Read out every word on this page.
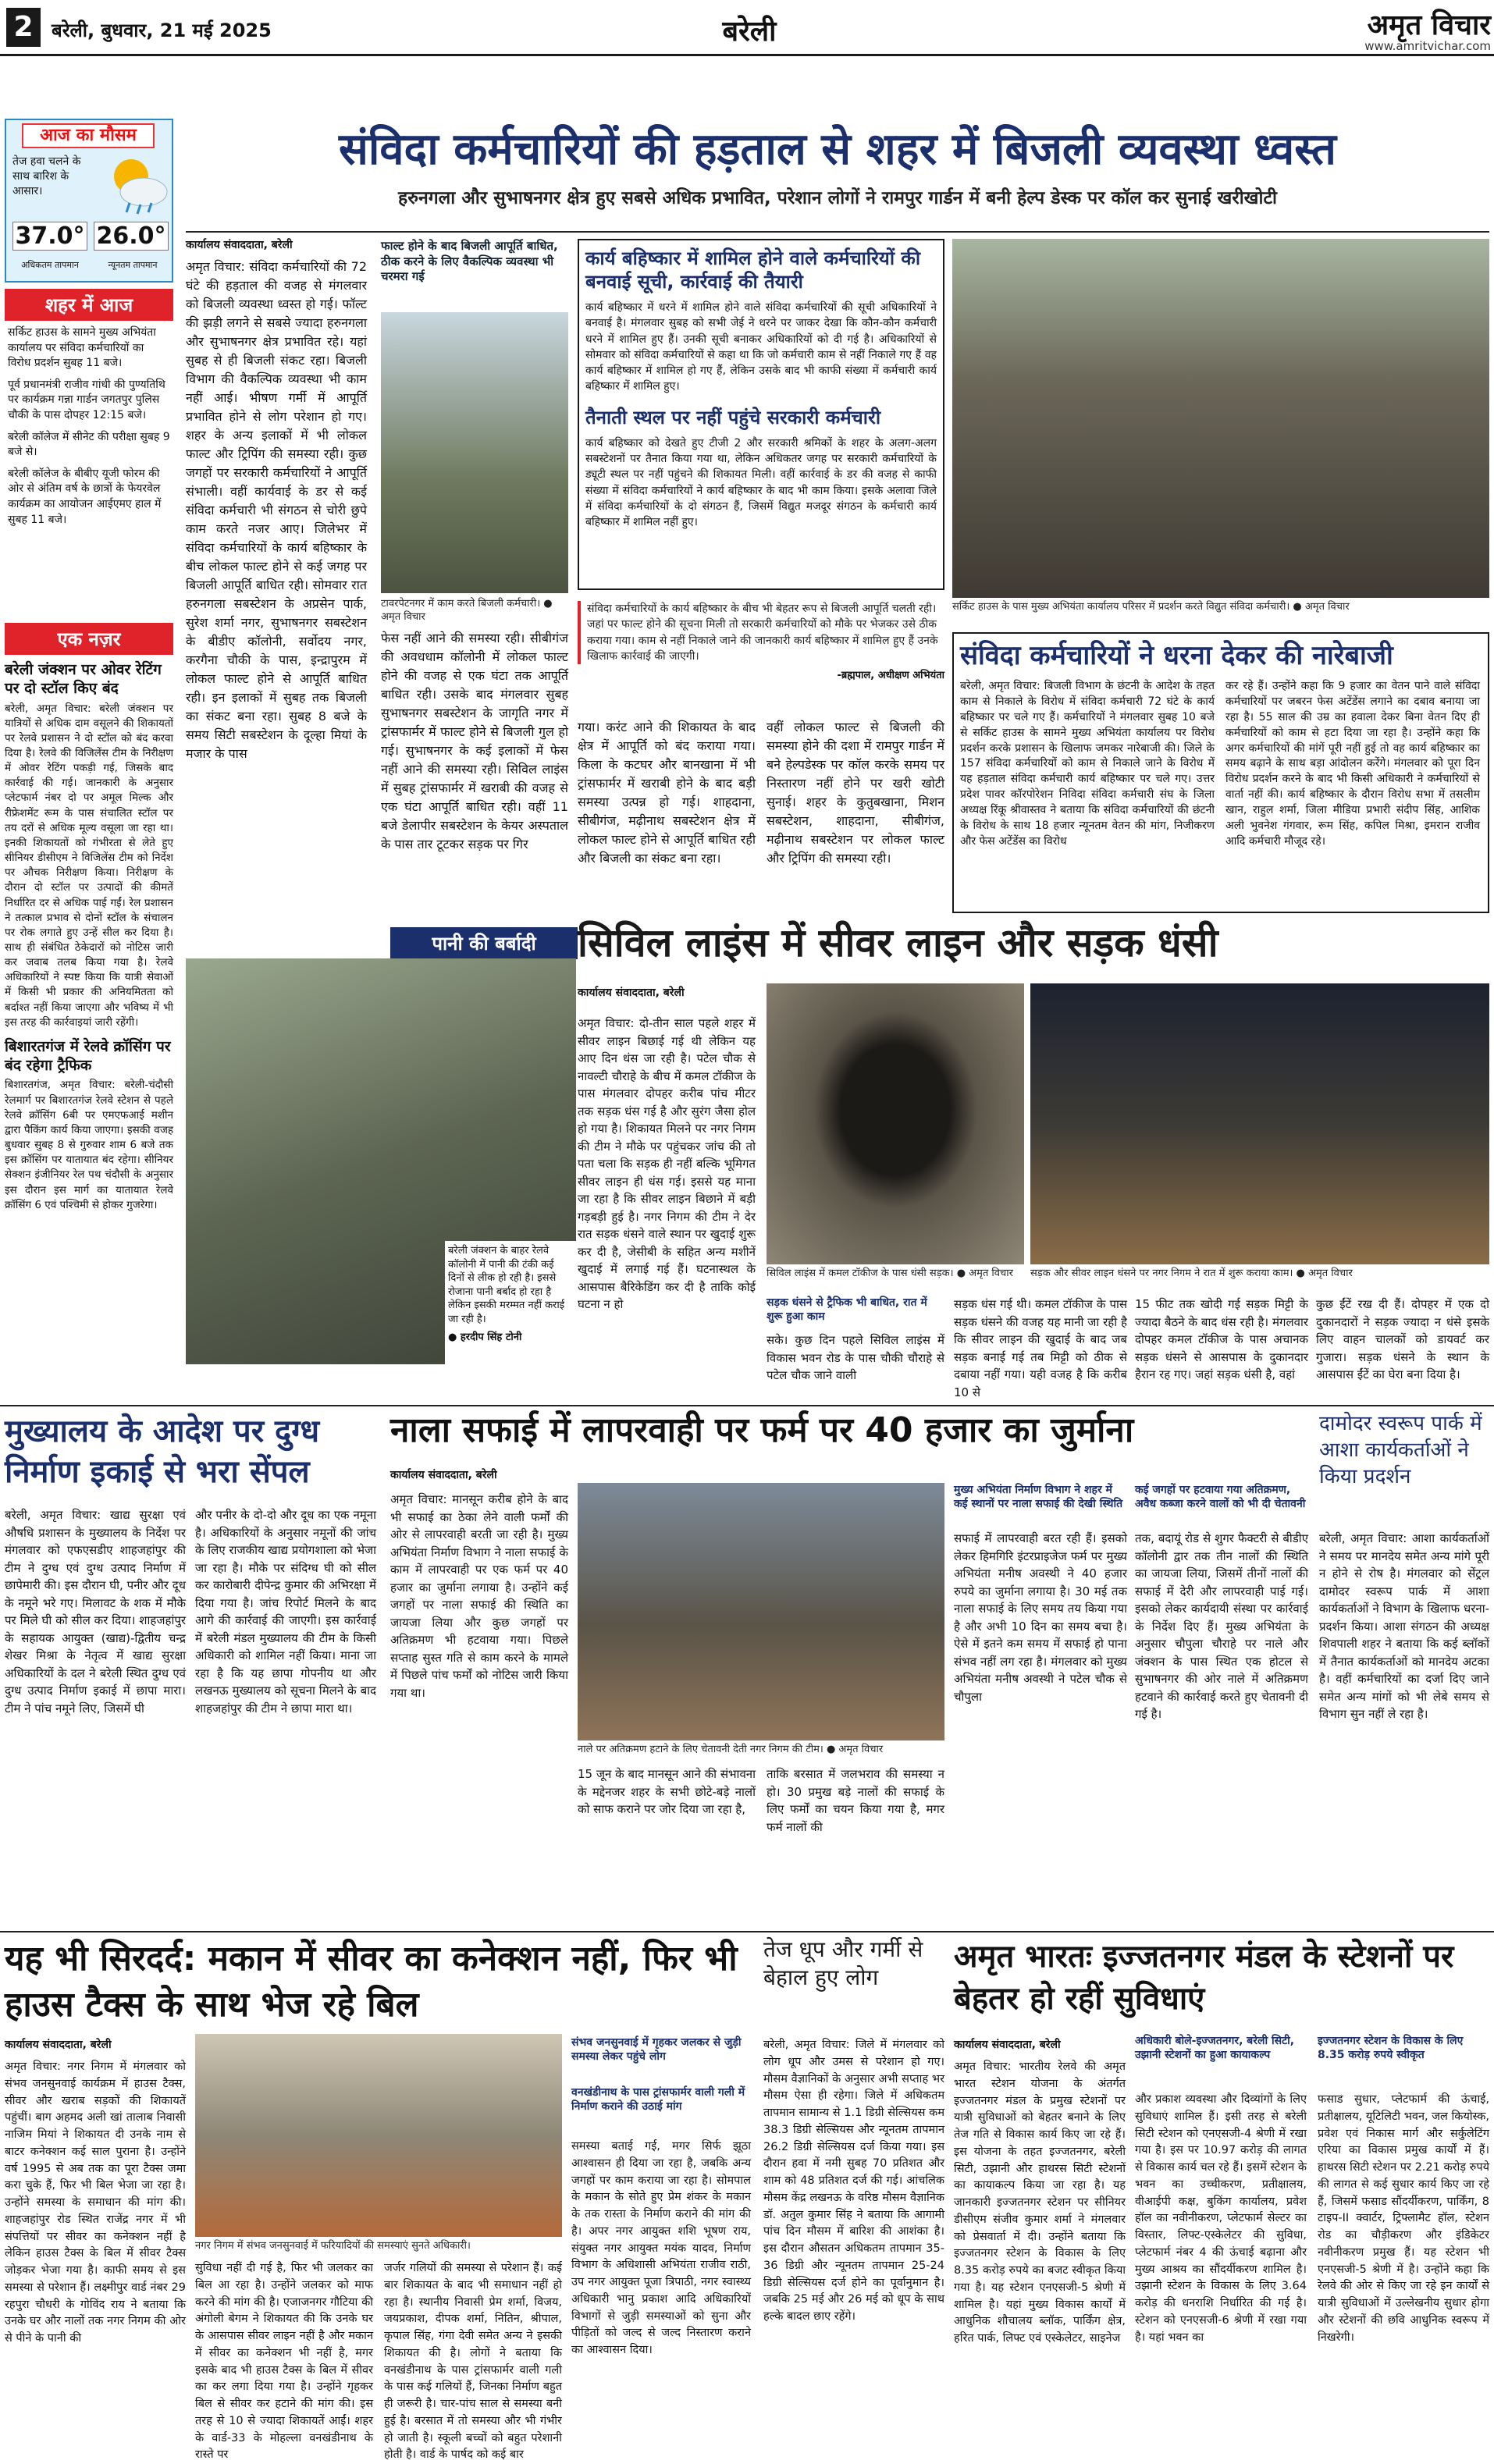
2 बरेली, बुधवार, 21 मई 2025	बरेली	अमृत विचार
www.amritvichar.com
आज का मौसम
तेज हवा चलने के साथ बारिश के आसार।
37.0° 26.0°
अधिकतम तापमान	न्यूनतम तापमान
शहर में आज
सर्किट हाउस के सामने मुख्य अभियंता कार्यालय पर संविदा कर्मचारियों का विरोध प्रदर्शन सुबह 11 बजे।
पूर्व प्रधानमंत्री राजीव गांधी की पुण्यतिथि पर कार्यक्रम गन्ना गार्डन जगतपुर पुलिस चौकी के पास दोपहर 12:15 बजे।
बरेली कॉलेज में सीनेट की परीक्षा सुबह 9 बजे से।
बरेली कॉलेज के बीबीए यूजी फोरम की ओर से अंतिम वर्ष के छात्रों के फेयरवेल कार्यक्रम का आयोजन आईएमए हाल में सुबह 11 बजे।
एक नज़र
बरेली जंक्शन पर ओवर रेटिंग पर दो स्टॉल किए बंद
बरेली, अमृत विचार: बरेली जंक्शन पर यात्रियों से अधिक दाम वसूलने की शिकायतों पर रेलवे प्रशासन ने दो स्टॉल को बंद करवा दिया है। रेलवे की विजिलेंस टीम के निरीक्षण में ओवर रेटिंग पकड़ी गई, जिसके बाद कार्रवाई की गई। जानकारी के अनुसार प्लेटफार्म नंबर दो पर अमूल मिल्क और रीफ्रेशमेंट रूम के पास संचालित स्टॉल पर तय दरों से अधिक मूल्य वसूला जा रहा था। इनकी शिकायतों को गंभीरता से लेते हुए सीनियर डीसीएम ने विजिलेंस टीम को निर्देश पर औचक निरीक्षण किया। निरीक्षण के दौरान दो स्टॉल पर उत्पादों की कीमतें निर्धारित दर से अधिक पाई गईं। रेल प्रशासन ने तत्काल प्रभाव से दोनों स्टॉल के संचालन पर रोक लगाते हुए उन्हें सील कर दिया है। साथ ही संबंधित ठेकेदारों को नोटिस जारी कर जवाब तलब किया गया है। रेलवे अधिकारियों ने स्पष्ट किया कि यात्री सेवाओं में किसी भी प्रकार की अनियमितता को बर्दाश्त नहीं किया जाएगा और भविष्य में भी इस तरह की कार्रवाइयां जारी रहेंगी।
बिशारतगंज में रेलवे क्रॉसिंग पर बंद रहेगा ट्रैफिक
बिशारतगंज, अमृत विचार: बरेली-चंदौसी रेलमार्ग पर बिशारतगंज रेलवे स्टेशन से पहले रेलवे क्रॉसिंग 6बी पर एमएफआई मशीन द्वारा पैकिंग कार्य किया जाएगा। इसकी वजह बुधवार सुबह 8 से गुरुवार शाम 6 बजे तक इस क्रॉसिंग पर यातायात बंद रहेगा। सीनियर सेक्शन इंजीनियर रेल पथ चंदौसी के अनुसार इस दौरान इस मार्ग का यातायात रेलवे क्रॉसिंग 6 एवं पश्चिमी से होकर गुजरेगा।
संविदा कर्मचारियों की हड़ताल से शहर में बिजली व्यवस्था ध्वस्त
हरुनगला और सुभाषनगर क्षेत्र हुए सबसे अधिक प्रभावित, परेशान लोगों ने रामपुर गार्डन में बनी हेल्प डेस्क पर कॉल कर सुनाई खरीखोटी
कार्यालय संवाददाता, बरेली
अमृत विचार: संविदा कर्मचारियों की 72 घंटे की हड़ताल की वजह से मंगलवार को बिजली व्यवस्था ध्वस्त हो गई। फॉल्ट की झड़ी लगने से सबसे ज्यादा हरुनगला और सुभाषनगर क्षेत्र प्रभावित रहे। यहां सुबह से ही बिजली संकट रहा। बिजली विभाग की वैकल्पिक व्यवस्था भी काम नहीं आई। भीषण गर्मी में आपूर्ति प्रभावित होने से लोग परेशान हो गए। शहर के अन्य इलाकों में भी लोकल फाल्ट और ट्रिपिंग की समस्या रही। कुछ जगहों पर सरकारी कर्मचारियों ने आपूर्ति संभाली। वहीं कार्यवाई के डर से कई संविदा कर्मचारी भी संगठन से चोरी छुपे काम करते नजर आए। जिलेभर में संविदा कर्मचारियों के कार्य बहिष्कार के बीच लोकल फाल्ट होने से कई जगह पर बिजली आपूर्ति बाधित रही। सोमवार रात हरुनगला सबस्टेशन के अप्रसेन पार्क, सुरेश शर्मा नगर, सुभाषनगर सबस्टेशन के बीडीए कॉलोनी, सर्वोदय नगर, करगैना चौकी के पास, इन्द्रापुरम में लोकल फाल्ट होने से आपूर्ति बाधित रही। इन इलाकों में सुबह तक बिजली का संकट बना रहा। सुबह 8 बजे के समय सिटी सबस्टेशन के दूल्हा मियां के मजार के पास
फाल्ट होने के बाद बिजली आपूर्ति बाधित, ठीक करने के लिए वैकल्पिक व्यवस्था भी चरमरा गई
टावरपेटनगर में काम करते बिजली कर्मचारी। ● अमृत विचार
फेस नहीं आने की समस्या रही। सीबीगंज की अवधधाम कॉलोनी में लोकल फाल्ट होने की वजह से एक घंटा तक आपूर्ति बाधित रही। उसके बाद मंगलवार सुबह सुभाषनगर सबस्टेशन के जागृति नगर में ट्रांसफार्मर में फाल्ट होने से बिजली गुल हो गई। सुभाषनगर के कई इलाकों में फेस नहीं आने की समस्या रही। सिविल लाइंस में सुबह ट्रांसफार्मर में खराबी की वजह से एक घंटा आपूर्ति बाधित रही। वहीं 11 बजे डेलापीर सबस्टेशन के केयर अस्पताल के पास तार टूटकर सड़क पर गिर
कार्य बहिष्कार में शामिल होने वाले कर्मचारियों की बनवाई सूची, कार्रवाई की तैयारी
कार्य बहिष्कार में धरने में शामिल होने वाले संविदा कर्मचारियों की सूची अधिकारियों ने बनवाई है। मंगलवार सुबह को सभी जेई ने धरने पर जाकर देखा कि कौन-कौन कर्मचारी धरने में शामिल हुए हैं। उनकी सूची बनाकर अधिकारियों को दी गई है। अधिकारियों से सोमवार को संविदा कर्मचारियों से कहा था कि जो कर्मचारी काम से नहीं निकाले गए हैं वह कार्य बहिष्कार में शामिल हो गए हैं, लेकिन उसके बाद भी काफी संख्या में कर्मचारी कार्य बहिष्कार में शामिल हुए।
तैनाती स्थल पर नहीं पहुंचे सरकारी कर्मचारी
कार्य बहिष्कार को देखते हुए टीजी 2 और सरकारी श्रमिकों के शहर के अलग-अलग सबस्टेशनों पर तैनात किया गया था, लेकिन अधिकतर जगह पर सरकारी कर्मचारियों के ड्यूटी स्थल पर नहीं पहुंचने की शिकायत मिली। वहीं कार्रवाई के डर की वजह से काफी संख्या में संविदा कर्मचारियों ने कार्य बहिष्कार के बाद भी काम किया। इसके अलावा जिले में संविदा कर्मचारियों के दो संगठन हैं, जिसमें विद्युत मजदूर संगठन के कर्मचारी कार्य बहिष्कार में शामिल नहीं हुए।
सर्किट हाउस के पास मुख्य अभियंता कार्यालय परिसर में प्रदर्शन करते विद्युत संविदा कर्मचारी। ● अमृत विचार
संविदा कर्मचारियों के कार्य बहिष्कार के बीच भी बेहतर रूप से बिजली आपूर्ति चलती रही। जहां पर फाल्ट होने की सूचना मिली तो सरकारी कर्मचारियों को मौके पर भेजकर उसे ठीक कराया गया। काम से नहीं निकाले जाने की जानकारी कार्य बहिष्कार में शामिल हुए हैं उनके खिलाफ कार्रवाई की जाएगी।
-ब्रह्मपाल, अधीक्षण अभियंता
गया। करंट आने की शिकायत के बाद क्षेत्र में आपूर्ति को बंद कराया गया। किला के कटघर और बानखाना में भी ट्रांसफार्मर में खराबी होने के बाद बड़ी समस्या उत्पन्न हो गई। शाहदाना, सीबीगंज, मढ़ीनाथ सबस्टेशन क्षेत्र में लोकल फाल्ट होने से आपूर्ति बाधित रही और बिजली का संकट बना रहा।
वहीं लोकल फाल्ट से बिजली की समस्या होने की दशा में रामपुर गार्डन में बने हेल्पडेस्क पर कॉल करके समय पर निस्तारण नहीं होने पर खरी खोटी सुनाई। शहर के कुतुबखाना, मिशन सबस्टेशन, शाहदाना, सीबीगंज, मढ़ीनाथ सबस्टेशन पर लोकल फाल्ट और ट्रिपिंग की समस्या रही।
संविदा कर्मचारियों ने धरना देकर की नारेबाजी
बरेली, अमृत विचार: बिजली विभाग के छंटनी के आदेश के तहत काम से निकाले के विरोध में संविदा कर्मचारी 72 घंटे के कार्य बहिष्कार पर चले गए हैं। कर्मचारियों ने मंगलवार सुबह 10 बजे से सर्किट हाउस के सामने मुख्य अभियंता कार्यालय पर विरोध प्रदर्शन करके प्रशासन के खिलाफ जमकर नारेबाजी की। जिले के 157 संविदा कर्मचारियों को काम से निकाले जाने के विरोध में यह हड़ताल संविदा कर्मचारी कार्य बहिष्कार पर चले गए। उत्तर प्रदेश पावर कॉरपोरेशन निविदा संविदा कर्मचारी संघ के जिला अध्यक्ष रिंकू श्रीवास्तव ने बताया कि संविदा कर्मचारियों की छंटनी के विरोध के साथ 18 हजार न्यूनतम वेतन की मांग, निजीकरण और फेस अटेंडेंस का विरोध
कर रहे हैं। उन्होंने कहा कि 9 हजार का वेतन पाने वाले संविदा कर्मचारियों पर जबरन फेस अटेंडेंस लगाने का दबाव बनाया जा रहा है। 55 साल की उम्र का हवाला देकर बिना वेतन दिए ही कर्मचारियों को काम से हटा दिया जा रहा है। उन्होंने कहा कि अगर कर्मचारियों की मांगें पूरी नहीं हुई तो वह कार्य बहिष्कार का समय बढ़ाने के साथ बड़ा आंदोलन करेंगे। मंगलवार को पूरा दिन विरोध प्रदर्शन करने के बाद भी किसी अधिकारी ने कर्मचारियों से वार्ता नहीं की। कार्य बहिष्कार के दौरान विरोध सभा में तसलीम खान, राहुल शर्मा, जिला मीडिया प्रभारी संदीप सिंह, आशिक अली भुवनेश गंगवार, रूम सिंह, कपिल मिश्रा, इमरान राजीव आदि कर्मचारी मौजूद रहे।
पानी की बर्बादी
बरेली जंक्शन के बाहर रेलवे कॉलोनी में पानी की टंकी कई दिनों से लीक हो रही है। इससे रोजाना पानी बर्बाद हो रहा है लेकिन इसकी मरम्मत नहीं कराई जा रही है।
● हरदीप सिंह टोनी
सिविल लाइंस में सीवर लाइन और सड़क धंसी
कार्यालय संवाददाता, बरेली
अमृत विचार: दो-तीन साल पहले शहर में सीवर लाइन बिछाई गई थी लेकिन यह आए दिन धंस जा रही है। पटेल चौक से नावल्टी चौराहे के बीच में कमल टॉकीज के पास मंगलवार दोपहर करीब पांच मीटर तक सड़क धंस गई है और सुरंग जैसा होल हो गया है। शिकायत मिलने पर नगर निगम की टीम ने मौके पर पहुंचकर जांच की तो पता चला कि सड़क ही नहीं बल्कि भूमिगत सीवर लाइन ही धंस गई। इससे यह माना जा रहा है कि सीवर लाइन बिछाने में बड़ी गड़बड़ी हुई है। नगर निगम की टीम ने देर रात सड़क धंसने वाले स्थान पर खुदाई शुरू कर दी है, जेसीबी के सहित अन्य मशीनें खुदाई में लगाई गई हैं। घटनास्थल के आसपास बैरिकेडिंग कर दी है ताकि कोई घटना न हो
सिविल लाइंस में कमल टॉकीज के पास धंसी सड़क। ● अमृत विचार	सड़क और सीवर लाइन धंसने पर नगर निगम ने रात में शुरू कराया काम। ● अमृत विचार
सड़क धंसने से ट्रैफिक भी बाधित, रात में शुरू हुआ काम
सके। कुछ दिन पहले सिविल लाइंस में विकास भवन रोड के पास चौकी चौराहे से पटेल चौक जाने वाली
सड़क धंस गई थी। कमल टॉकीज के पास सड़क धंसने की वजह यह मानी जा रही है कि सीवर लाइन की खुदाई के बाद जब सड़क बनाई गई तब मिट्टी को ठीक से दबाया नहीं गया। यही वजह है कि करीब 10 से
15 फीट तक खोदी गई सड़क मिट्टी के ज्यादा बैठने के बाद धंस रही है। मंगलवार दोपहर कमल टॉकीज के पास अचानक सड़क धंसने से आसपास के दुकानदार हैरान रह गए। जहां सड़क धंसी है, वहां
कुछ ईंटें रख दी हैं। दोपहर में एक दो दुकानदारों ने सड़क ज्यादा न धंसे इसके लिए वाहन चालकों को डायवर्ट कर गुजारा। सड़क धंसने के स्थान के आसपास ईंटें का घेरा बना दिया है।
मुख्यालय के आदेश पर दुग्ध निर्माण इकाई से भरा सेंपल
बरेली, अमृत विचार: खाद्य सुरक्षा एवं औषधि प्रशासन के मुख्यालय के निर्देश पर मंगलवार को एफएसडीए शाहजहांपुर की टीम ने दुग्ध एवं दुग्ध उत्पाद निर्माण में छापेमारी की। इस दौरान घी, पनीर और दूध के नमूने भरे गए। मिलावट के शक में मौके पर मिले घी को सील कर दिया। शाहजहांपुर के सहायक आयुक्त (खाद्य)-द्वितीय चन्द्र शेखर मिश्रा के नेतृत्व में खाद्य सुरक्षा अधिकारियों के दल ने बरेली स्थित दुग्ध एवं दुग्ध उत्पाद निर्माण इकाई में छापा मारा। टीम ने पांच नमूने लिए, जिसमें घी
और पनीर के दो-दो और दूध का एक नमूना है। अधिकारियों के अनुसार नमूनों की जांच के लिए राजकीय खाद्य प्रयोगशाला को भेजा जा रहा है। मौके पर संदिग्ध घी को सील कर कारोबारी दीपेन्द्र कुमार की अभिरक्षा में दिया गया है। जांच रिपोर्ट मिलने के बाद आगे की कार्रवाई की जाएगी। इस कार्रवाई में बरेली मंडल मुख्यालय की टीम के किसी अधिकारी को शामिल नहीं किया। माना जा रहा है कि यह छापा गोपनीय था और लखनऊ मुख्यालय को सूचना मिलने के बाद शाहजहांपुर की टीम ने छापा मारा था।
नाला सफाई में लापरवाही पर फर्म पर 40 हजार का जुर्माना
कार्यालय संवाददाता, बरेली
अमृत विचार: मानसून करीब होने के बाद भी सफाई का ठेका लेने वाली फर्मों की ओर से लापरवाही बरती जा रही है। मुख्य अभियंता निर्माण विभाग ने नाला सफाई के काम में लापरवाही पर एक फर्म पर 40 हजार का जुर्माना लगाया है। उन्होंने कई जगहों पर नाला सफाई की स्थिति का जायजा लिया और कुछ जगहों पर अतिक्रमण भी हटवाया गया। पिछले सप्ताह सुस्त गति से काम करने के मामले में पिछले पांच फर्मों को नोटिस जारी किया गया था।
नाले पर अतिक्रमण हटाने के लिए चेतावनी देती नगर निगम की टीम। ● अमृत विचार
15 जून के बाद मानसून आने की संभावना के मद्देनजर शहर के सभी छोटे-बड़े नालों को साफ कराने पर जोर दिया जा रहा है,
ताकि बरसात में जलभराव की समस्या न हो। 30 प्रमुख बड़े नालों की सफाई के लिए फर्मों का चयन किया गया है, मगर फर्म नालों की
मुख्य अभियंता निर्माण विभाग ने शहर में कई स्थानों पर नाला सफाई की देखी स्थिति
कई जगहों पर हटवाया गया अतिक्रमण, अवैध कब्जा करने वालों को भी दी चेतावनी
सफाई में लापरवाही बरत रही हैं। इसको लेकर हिमगिरि इंटरप्राइजेज फर्म पर मुख्य अभियंता मनीष अवस्थी ने 40 हजार रुपये का जुर्माना लगाया है। 30 मई तक नाला सफाई के लिए समय तय किया गया है और अभी 10 दिन का समय बचा है। ऐसे में इतने कम समय में सफाई हो पाना संभव नहीं लग रहा है। मंगलवार को मुख्य अभियंता मनीष अवस्थी ने पटेल चौक से चौपुला
तक, बदायूं रोड से शुगर फैक्टरी से बीडीए कॉलोनी द्वार तक तीन नालों की स्थिति का जायजा लिया, जिसमें तीनों नालों की सफाई में देरी और लापरवाही पाई गई। इसको लेकर कार्यदायी संस्था पर कार्रवाई के निर्देश दिए हैं। मुख्य अभियंता के अनुसार चौपुला चौराहे पर नाले और जंक्शन के पास स्थित एक होटल से सुभाषनगर की ओर नाले में अतिक्रमण हटवाने की कार्रवाई करते हुए चेतावनी दी गई है।
दामोदर स्वरूप पार्क में आशा कार्यकर्ताओं ने किया प्रदर्शन
बरेली, अमृत विचार: आशा कार्यकर्ताओं ने समय पर मानदेय समेत अन्य मांगे पूरी न होने से रोष है। मंगलवार को सेंट्रल दामोदर स्वरूप पार्क में आशा कार्यकर्ताओं ने विभाग के खिलाफ धरना-प्रदर्शन किया। आशा संगठन की अध्यक्ष शिवपाली शहर ने बताया कि कई ब्लॉकों में तैनात कार्यकर्ताओं को मानदेय अटका है। वहीं कर्मचारियों का दर्जा दिए जाने समेत अन्य मांगों को भी लेबे समय से विभाग सुन नहीं ले रहा है।
यह भी सिरदर्द: मकान में सीवर का कनेक्शन नहीं, फिर भी हाउस टैक्स के साथ भेज रहे बिल
कार्यालय संवाददाता, बरेली
अमृत विचार: नगर निगम में मंगलवार को संभव जनसुनवाई कार्यक्रम में हाउस टैक्स, सीवर और खराब सड़कों की शिकायतें पहुंचीं। बाग अहमद अली खां तालाब निवासी नाजिम मियां ने शिकायत दी उनके नाम से बाटर कनेक्शन कई साल पुराना है। उन्होंने वर्ष 1995 से अब तक का पूरा टैक्स जमा करा चुके हैं, फिर भी बिल भेजा जा रहा है। उन्होंने समस्या के समाधान की मांग की। शाहजहांपुर रोड स्थित राजेंद्र नगर में भी संपत्तियों पर सीवर का कनेक्शन नहीं है लेकिन हाउस टैक्स के बिल में सीवर टैक्स जोड़कर भेजा गया है। काफी समय से इस समस्या से परेशान हैं। लक्ष्मीपुर वार्ड नंबर 29 रहपुरा चौधरी के गोविंद राय ने बताया कि उनके घर और नालों तक नगर निगम की ओर से पीने के पानी की
नगर निगम में संभव जनसुनवाई में फरियादियों की समस्याएं सुनते अधिकारी।
सुविधा नहीं दी गई है, फिर भी जलकर का बिल आ रहा है। उन्होंने जलकर को माफ करने की मांग की है। एजाजनगर गौटिया की अंगोली बेगम ने शिकायत की कि उनके घर के आसपास सीवर लाइन नहीं है और मकान में सीवर का कनेक्शन भी नहीं है, मगर इसके बाद भी हाउस टैक्स के बिल में सीवर का कर लगा दिया गया है। उन्होंने गृहकर बिल से सीवर कर हटाने की मांग की। इस तरह से 10 से ज्यादा शिकायतें आईं। शहर के वार्ड-33 के मोहल्ला वनखंडीनाथ के रास्ते पर
जर्जर गलियों की समस्या से परेशान हैं। कई बार शिकायत के बाद भी समाधान नहीं हो रहा है। स्थानीय निवासी प्रेम शर्मा, विजय, जयप्रकाश, दीपक शर्मा, नितिन, श्रीपाल, कृपाल सिंह, गंगा देवी समेत अन्य ने इसकी शिकायत की है। लोगों ने बताया कि वनखंडीनाथ के पास ट्रांसफार्मर वाली गली के पास कई गलियों हैं, जिनका निर्माण बहुत ही जरूरी है। चार-पांच साल से समस्या बनी हुई है। बरसात में तो समस्या और भी गंभीर हो जाती है। स्कूली बच्चों को बहुत परेशानी होती है। वार्ड के पार्षद को कई बार
संभव जनसुनवाई में गृहकर जलकर से जुड़ी समस्या लेकर पहुंचे लोग
वनखंडीनाथ के पास ट्रांसफार्मर वाली गली में निर्माण कराने की उठाई मांग
समस्या बताई गई, मगर सिर्फ झूठा आश्वासन ही दिया जा रहा है, जबकि अन्य जगहों पर काम कराया जा रहा है। सोमपाल के मकान के सोते हुए प्रेम शंकर के मकान के तक रास्ता के निर्माण कराने की मांग की है। अपर नगर आयुक्त शशि भूषण राय, संयुक्त नगर आयुक्त मयंक यादव, निर्माण विभाग के अधिशासी अभियंता राजीव राठी, उप नगर आयुक्त पूजा त्रिपाठी, नगर स्वास्थ्य अधिकारी भानु प्रकाश आदि अधिकारियों विभागों से जुड़ी समस्याओं को सुना और पीड़ितों को जल्द से जल्द निस्तारण कराने का आश्वासन दिया।
तेज धूप और गर्मी से बेहाल हुए लोग
बरेली, अमृत विचार: जिले में मंगलवार को लोग धूप और उमस से परेशान हो गए। मौसम वैज्ञानिकों के अनुसार अभी सप्ताह भर मौसम ऐसा ही रहेगा। जिले में अधिकतम तापमान सामान्य से 1.1 डिग्री सेल्सियस कम 38.3 डिग्री सेल्सियस और न्यूनतम तापमान 26.2 डिग्री सेल्सियस दर्ज किया गया। इस दौरान हवा में नमी सुबह 70 प्रतिशत और शाम को 48 प्रतिशत दर्ज की गई। आंचलिक मौसम केंद्र लखनऊ के वरिष्ठ मौसम वैज्ञानिक डॉ. अतुल कुमार सिंह ने बताया कि आगामी पांच दिन मौसम में बारिश की आशंका है। इस दौरान औसतन अधिकतम तापमान 35-36 डिग्री और न्यूनतम तापमान 25-24 डिग्री सेल्सियस दर्ज होने का पूर्वानुमान है। जबकि 25 मई और 26 मई को धूप के साथ हल्के बादल छाए रहेंगे।
अमृत भारतः इज्जतनगर मंडल के स्टेशनों पर बेहतर हो रहीं सुविधाएं
कार्यालय संवाददाता, बरेली
अमृत विचार: भारतीय रेलवे की अमृत भारत स्टेशन योजना के अंतर्गत इज्जतनगर मंडल के प्रमुख स्टेशनों पर यात्री सुविधाओं को बेहतर बनाने के लिए तेज गति से विकास कार्य किए जा रहे हैं। इस योजना के तहत इज्जतनगर, बरेली सिटी, उझानी और हाथरस सिटी स्टेशनों का कायाकल्प किया जा रहा है। यह जानकारी इज्जतनगर स्टेशन पर सीनियर डीसीएम संजीव कुमार शर्मा ने मंगलवार को प्रेसवार्ता में दी। उन्होंने बताया कि इज्जतनगर स्टेशन के विकास के लिए 8.35 करोड़ रुपये का बजट स्वीकृत किया गया है। यह स्टेशन एनएसजी-5 श्रेणी में शामिल है। यहां मुख्य विकास कार्यों में आधुनिक शौचालय ब्लॉक, पार्किंग क्षेत्र, हरित पार्क, लिफ्ट एवं एस्केलेटर, साइनेज
अधिकारी बोले-इज्जतनगर, बरेली सिटी, उझानी स्टेशनों का हुआ कायाकल्प
और प्रकाश व्यवस्था और दिव्यांगों के लिए सुविधाएं शामिल हैं। इसी तरह से बरेली सिटी स्टेशन को एनएसजी-4 श्रेणी में रखा गया है। इस पर 10.97 करोड़ की लागत से विकास कार्य चल रहे हैं। इसमें स्टेशन के भवन का उच्चीकरण, प्रतीक्षालय, वीआईपी कक्ष, बुकिंग कार्यालय, प्रवेश हॉल का नवीनीकरण, प्लेटफार्म सेल्टर का विस्तार, लिफ्ट-एस्केलेटर की सुविधा, प्लेटफार्म नंबर 4 की ऊंचाई बढ़ाना और मुख्य आश्रय का सौंदर्यीकरण शामिल है। उझानी स्टेशन के विकास के लिए 3.64 करोड़ की धनराशि निर्धारित की गई है। स्टेशन को एनएसजी-6 श्रेणी में रखा गया है। यहां भवन का
इज्जतनगर स्टेशन के विकास के लिए 8.35 करोड़ रुपये स्वीकृत
फसाड सुधार, प्लेटफार्म की ऊंचाई, प्रतीक्षालय, यूटिलिटी भवन, जल कियोस्क, प्रवेश एवं निकास मार्ग और सर्कुलेटिंग एरिया का विकास प्रमुख कार्यों में हैं। हाथरस सिटी स्टेशन पर 2.21 करोड़ रुपये की लागत से कई सुधार कार्य किए जा रहे हैं, जिसमें फसाड सौंदर्यीकरण, पार्किंग, 8 टाइप-II क्वार्टर, ट्रिफ्लामैट हॉल, स्टेशन रोड का चौड़ीकरण और इंडिकेटर नवीनीकरण प्रमुख हैं। यह स्टेशन भी एनएसजी-5 श्रेणी में है। उन्होंने कहा कि रेलवे की ओर से किए जा रहे इन कार्यों से यात्री सुविधाओं में उल्लेखनीय सुधार होगा और स्टेशनों की छवि आधुनिक स्वरूप में निखरेगी।
